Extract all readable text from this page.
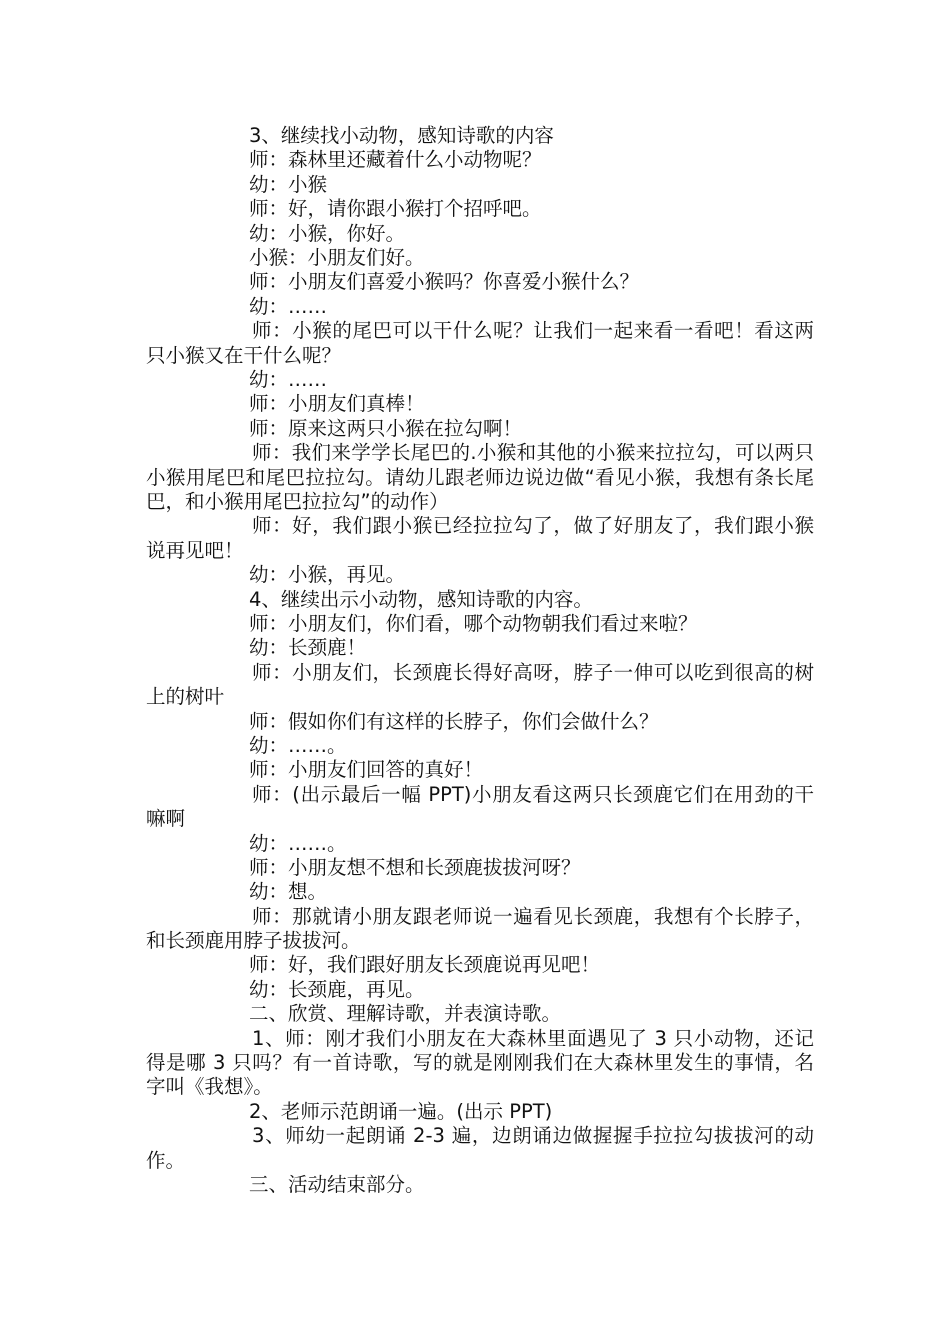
3、继续找小动物，感知诗歌的内容
师：森林里还藏着什么小动物呢？
幼：小猴
师：好，请你跟小猴打个招呼吧。
幼：小猴，你好。
小猴：小朋友们好。
师：小朋友们喜爱小猴吗？你喜爱小猴什么？
幼：……
师：小猴的尾巴可以干什么呢？让我们一起来看一看吧！看这两只小猴又在干什么呢？
幼：……
师：小朋友们真棒！
师：原来这两只小猴在拉勾啊！
师：我们来学学长尾巴的.小猴和其他的小猴来拉拉勾，可以两只小猴用尾巴和尾巴拉拉勾。请幼儿跟老师边说边做“看见小猴，我想有条长尾巴，和小猴用尾巴拉拉勾”的动作）
师：好，我们跟小猴已经拉拉勾了，做了好朋友了，我们跟小猴说再见吧！
幼：小猴，再见。
4、继续出示小动物，感知诗歌的内容。
师：小朋友们，你们看，哪个动物朝我们看过来啦？
幼：长颈鹿！
师：小朋友们，长颈鹿长得好高呀，脖子一伸可以吃到很高的树上的树叶
师：假如你们有这样的长脖子，你们会做什么？
幼：……。
师：小朋友们回答的真好！
师：(出示最后一幅 PPT)小朋友看这两只长颈鹿它们在用劲的干嘛啊
幼：……。
师：小朋友想不想和长颈鹿拔拔河呀？
幼：想。
师：那就请小朋友跟老师说一遍看见长颈鹿，我想有个长脖子，和长颈鹿用脖子拔拔河。
师：好，我们跟好朋友长颈鹿说再见吧！
幼：长颈鹿，再见。
二、欣赏、理解诗歌，并表演诗歌。
1、师：刚才我们小朋友在大森林里面遇见了 3 只小动物，还记得是哪 3 只吗？有一首诗歌，写的就是刚刚我们在大森林里发生的事情，名字叫《我想》。
2、老师示范朗诵一遍。(出示 PPT)
3、师幼一起朗诵 2-3 遍，边朗诵边做握握手拉拉勾拔拔河的动作。
三、活动结束部分。
